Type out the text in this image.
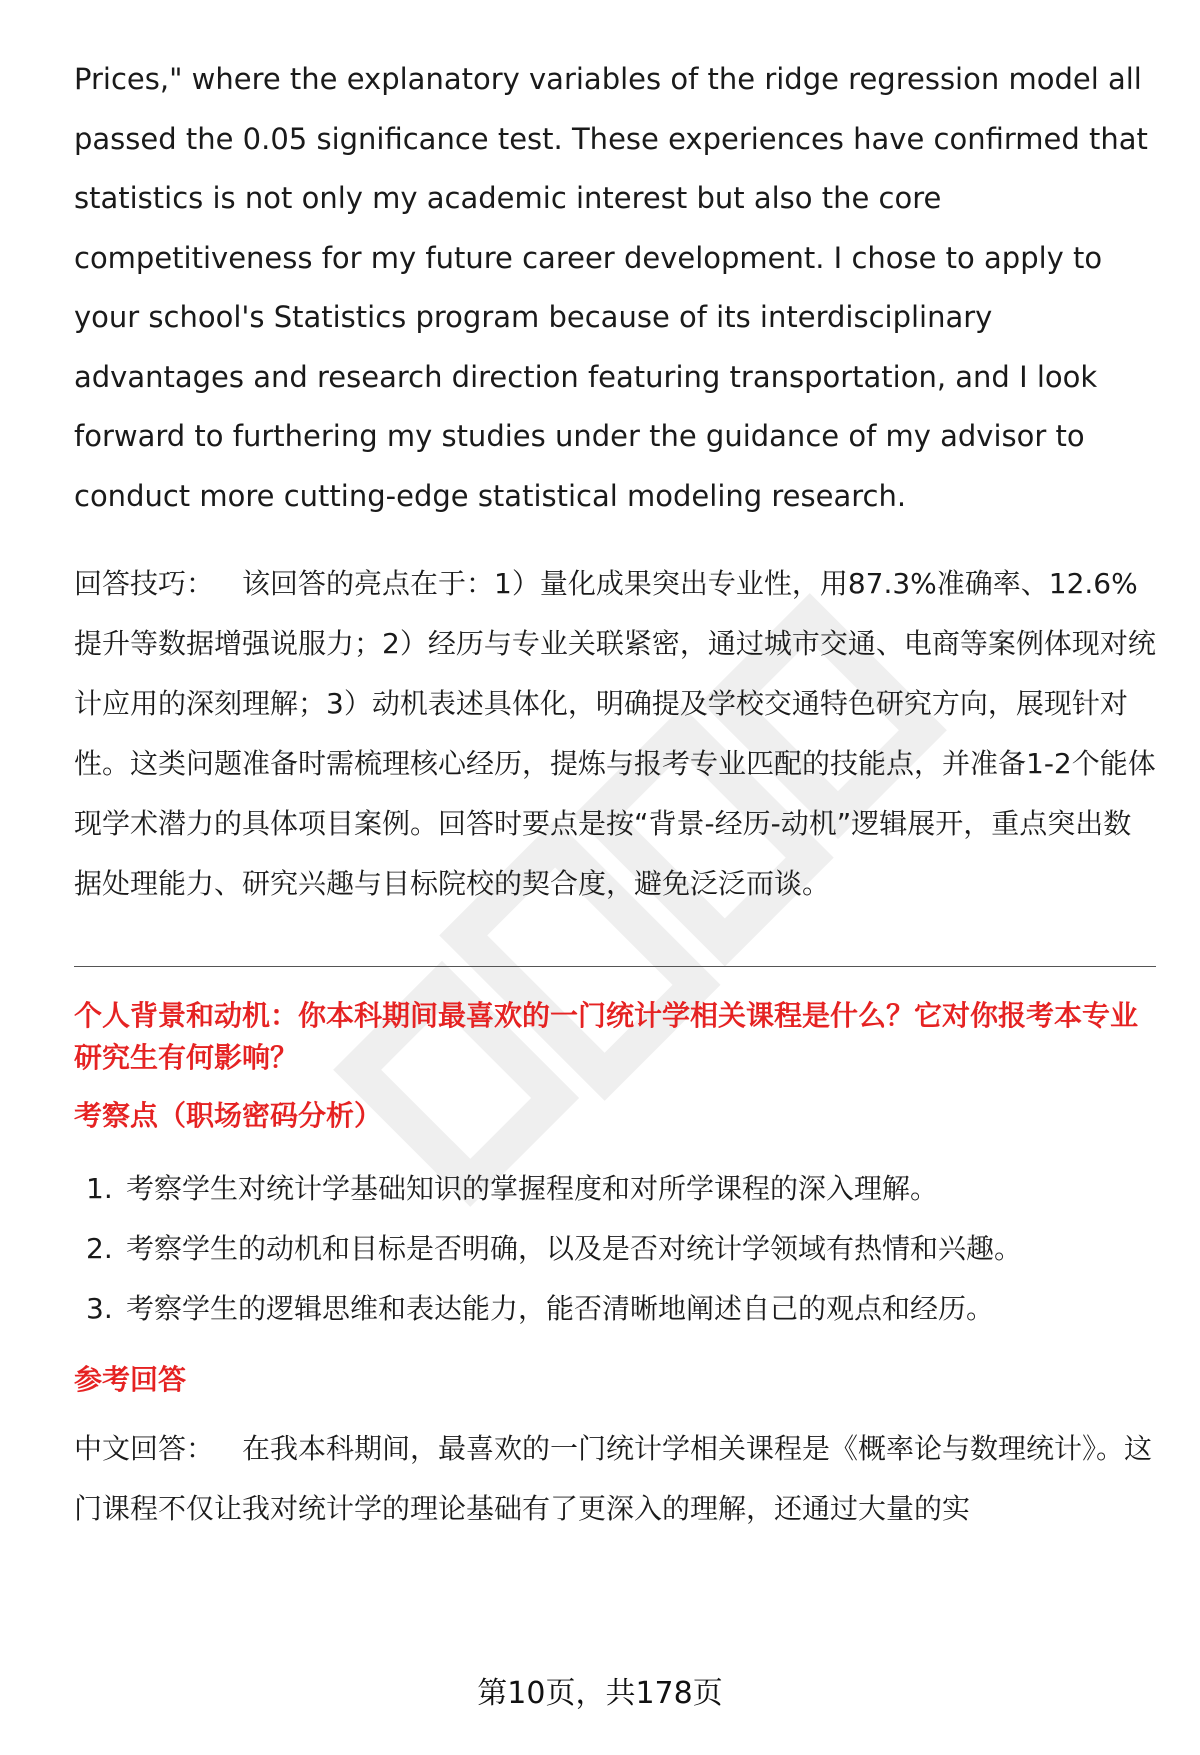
Prices," where the explanatory variables of the ridge regression model all passed the 0.05 significance test. These experiences have confirmed that statistics is not only my academic interest but also the core competitiveness for my future career development. I chose to apply to your school's Statistics program because of its interdisciplinary advantages and research direction featuring transportation, and I look forward to furthering my studies under the guidance of my advisor to conduct more cutting-edge statistical modeling research.

回答技巧： 该回答的亮点在于：1）量化成果突出专业性，用87.3%准确率、12.6%提升等数据增强说服力；2）经历与专业关联紧密，通过城市交通、电商等案例体现对统计应用的深刻理解；3）动机表述具体化，明确提及学校交通特色研究方向，展现针对性。这类问题准备时需梳理核心经历，提炼与报考专业匹配的技能点，并准备1-2个能体现学术潜力的具体项目案例。回答时要点是按“背景-经历-动机”逻辑展开，重点突出数据处理能力、研究兴趣与目标院校的契合度，避免泛泛而谈。

个人背景和动机：你本科期间最喜欢的一门统计学相关课程是什么？它对你报考本专业研究生有何影响？

考察点（职场密码分析）

1. 考察学生对统计学基础知识的掌握程度和对所学课程的深入理解。
2. 考察学生的动机和目标是否明确，以及是否对统计学领域有热情和兴趣。
3. 考察学生的逻辑思维和表达能力，能否清晰地阐述自己的观点和经历。

参考回答

中文回答： 在我本科期间，最喜欢的一门统计学相关课程是《概率论与数理统计》。这门课程不仅让我对统计学的理论基础有了更深入的理解，还通过大量的实

第10页，共178页
